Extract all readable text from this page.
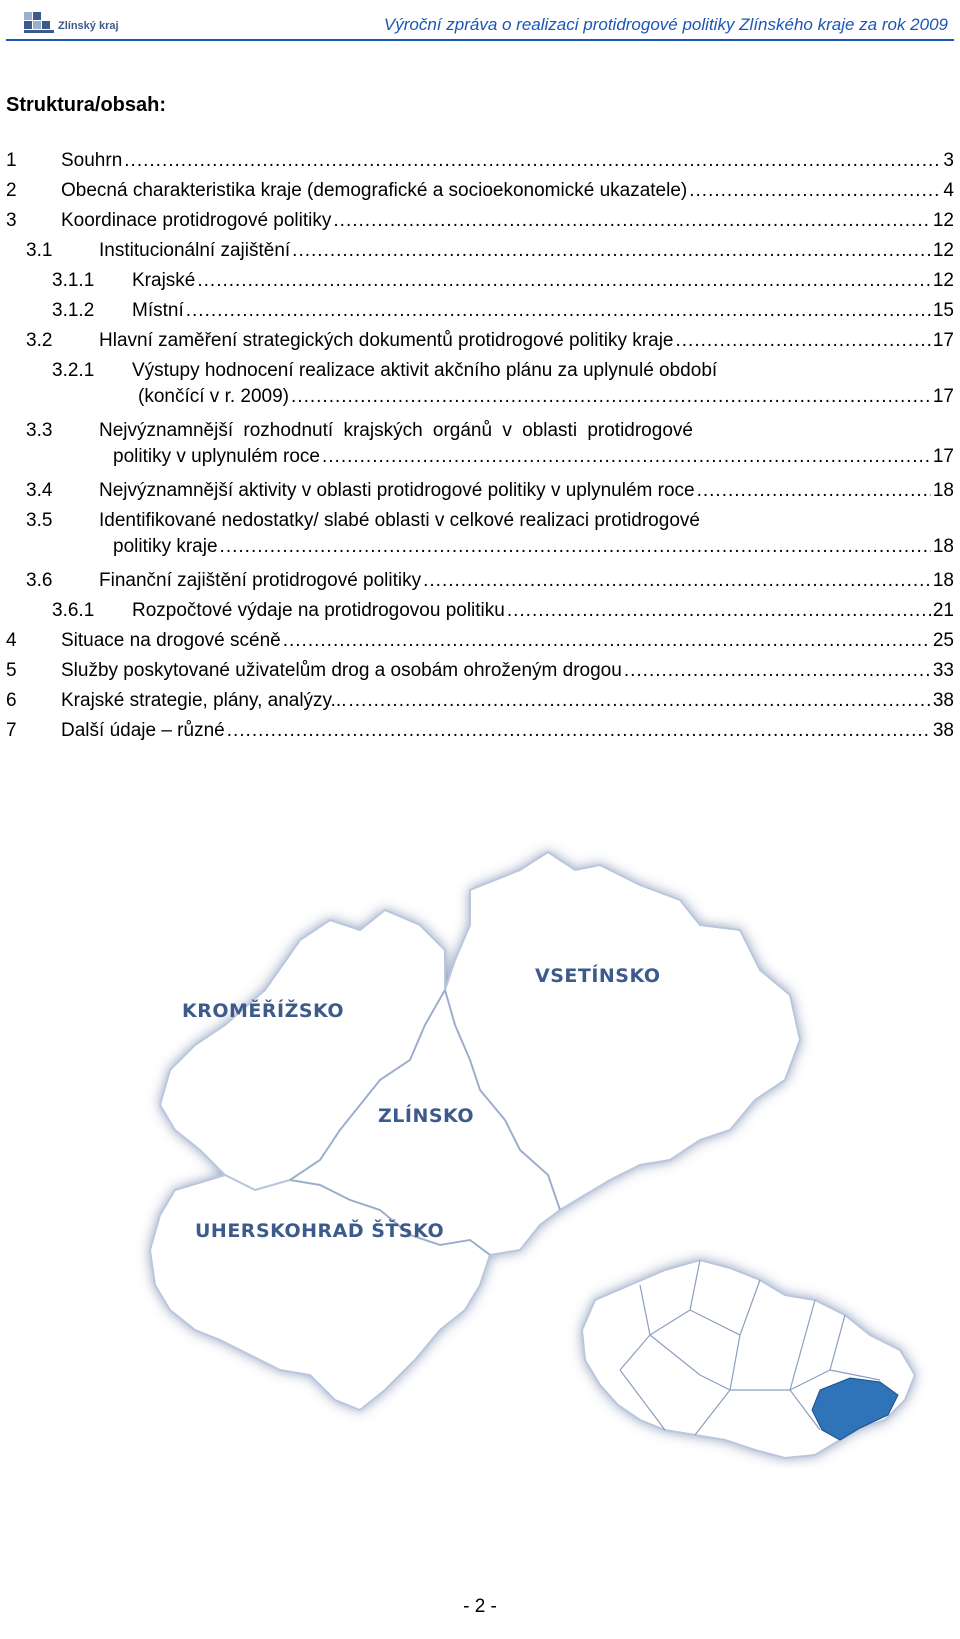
Zlínský kraj	Výroční zpráva o realizaci protidrogové politiky Zlínského kraje za rok 2009
Struktura/obsah:
1	Souhrn .....	3
2	Obecná charakteristika kraje (demografické a socioekonomické ukazatele) .....	4
3	Koordinace protidrogové politiky .....	12
3.1	Institucionální zajištění .....	12
3.1.1	Krajské .....	12
3.1.2	Místní .....	15
3.2	Hlavní zaměření strategických dokumentů protidrogové politiky kraje .....	17
3.2.1	Výstupy hodnocení realizace aktivit akčního plánu za uplynulé období
(končící v r. 2009) .....	17
3.3	Nejvýznamnější rozhodnutí krajských orgánů v oblasti protidrogové
politiky v uplynulém roce .....	17
3.4	Nejvýznamnější aktivity v oblasti protidrogové politiky v uplynulém roce .....	18
3.5	Identifikované nedostatky/ slabé oblasti v celkové realizaci protidrogové
politiky kraje .....	18
3.6	Finanční zajištění protidrogové politiky .....	18
3.6.1	Rozpočtové výdaje na protidrogovou politiku .....	21
4	Situace na drogové scéně .....	25
5	Služby poskytované uživatelům drog a osobám ohroženým drogou .....	33
6	Krajské strategie, plány, analýzy... .....	38
7	Další údaje – různé .....	38
VSETÍNSKO
KROMĚŘÍŽSKO
ZLÍNSKO
UHERSKOHRAĎ ŠŤSKO
- 2 -
